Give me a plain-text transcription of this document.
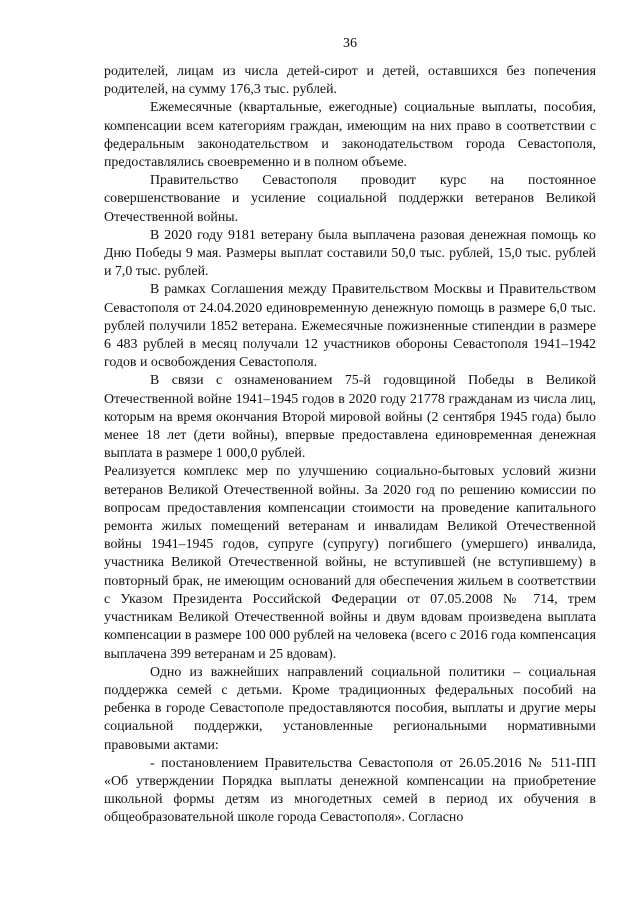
36

родителей, лицам из числа детей-сирот и детей, оставшихся без попечения родителей, на сумму 176,3 тыс. рублей.

Ежемесячные (квартальные, ежегодные) социальные выплаты, пособия, компенсации всем категориям граждан, имеющим на них право в соответствии с федеральным законодательством и законодательством города Севастополя, предоставлялись своевременно и в полном объеме.

Правительство Севастополя проводит курс на постоянное совершенствование и усиление социальной поддержки ветеранов Великой Отечественной войны.

В 2020 году 9181 ветерану была выплачена разовая денежная помощь ко Дню Победы 9 мая. Размеры выплат составили 50,0 тыс. рублей, 15,0 тыс. рублей и 7,0 тыс. рублей.

В рамках Соглашения между Правительством Москвы и Правительством Севастополя от 24.04.2020 единовременную денежную помощь в размере 6,0 тыс. рублей получили 1852 ветерана. Ежемесячные пожизненные стипендии в размере 6 483 рублей в месяц получали 12 участников обороны Севастополя 1941–1942 годов и освобождения Севастополя.

В связи с ознаменованием 75-й годовщиной Победы в Великой Отечественной войне 1941–1945 годов в 2020 году 21778 гражданам из числа лиц, которым на время окончания Второй мировой войны (2 сентября 1945 года) было менее 18 лет (дети войны), впервые предоставлена единовременная денежная выплата в размере 1 000,0 рублей.

Реализуется комплекс мер по улучшению социально-бытовых условий жизни ветеранов Великой Отечественной войны. За 2020 год по решению комиссии по вопросам предоставления компенсации стоимости на проведение капитального ремонта жилых помещений ветеранам и инвалидам Великой Отечественной войны 1941–1945 годов, супруге (супругу) погибшего (умершего) инвалида, участника Великой Отечественной войны, не вступившей (не вступившему) в повторный брак, не имеющим оснований для обеспечения жильем в соответствии с Указом Президента Российской Федерации от 07.05.2008 № 714, трем участникам Великой Отечественной войны и двум вдовам произведена выплата компенсации в размере 100 000 рублей на человека (всего с 2016 года компенсация выплачена 399 ветеранам и 25 вдовам).

Одно из важнейших направлений социальной политики – социальная поддержка семей с детьми. Кроме традиционных федеральных пособий на ребенка в городе Севастополе предоставляются пособия, выплаты и другие меры социальной поддержки, установленные региональными нормативными правовыми актами:

- постановлением Правительства Севастополя от 26.05.2016 № 511-ПП «Об утверждении Порядка выплаты денежной компенсации на приобретение школьной формы детям из многодетных семей в период их обучения в общеобразовательной школе города Севастополя». Согласно
